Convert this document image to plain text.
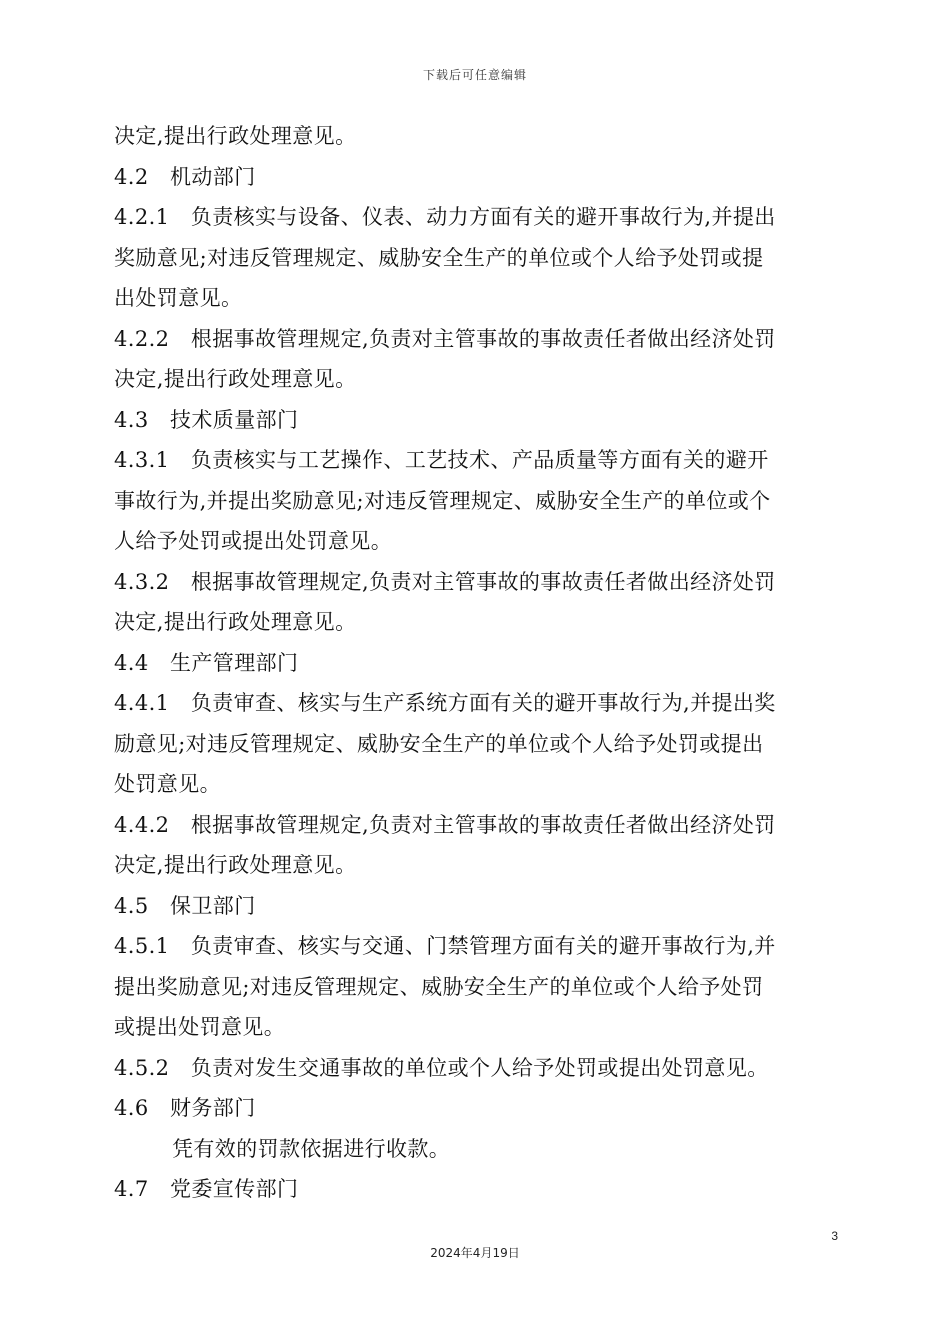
下载后可任意编辑
决定,提出行政处理意见。
4.2　机动部门
4.2.1　负责核实与设备、仪表、动力方面有关的避开事故行为,并提出
奖励意见;对违反管理规定、威胁安全生产的单位或个人给予处罚或提
出处罚意见。
4.2.2　根据事故管理规定,负责对主管事故的事故责任者做出经济处罚
决定,提出行政处理意见。
4.3　技术质量部门
4.3.1　负责核实与工艺操作、工艺技术、产品质量等方面有关的避开
事故行为,并提出奖励意见;对违反管理规定、威胁安全生产的单位或个
人给予处罚或提出处罚意见。
4.3.2　根据事故管理规定,负责对主管事故的事故责任者做出经济处罚
决定,提出行政处理意见。
4.4　生产管理部门
4.4.1　负责审查、核实与生产系统方面有关的避开事故行为,并提出奖
励意见;对违反管理规定、威胁安全生产的单位或个人给予处罚或提出
处罚意见。
4.4.2　根据事故管理规定,负责对主管事故的事故责任者做出经济处罚
决定,提出行政处理意见。
4.5　保卫部门
4.5.1　负责审查、核实与交通、门禁管理方面有关的避开事故行为,并
提出奖励意见;对违反管理规定、威胁安全生产的单位或个人给予处罚
或提出处罚意见。
4.5.2　负责对发生交通事故的单位或个人给予处罚或提出处罚意见。
4.6　财务部门
凭有效的罚款依据进行收款。
4.7　党委宣传部门
3
2024年4月19日
